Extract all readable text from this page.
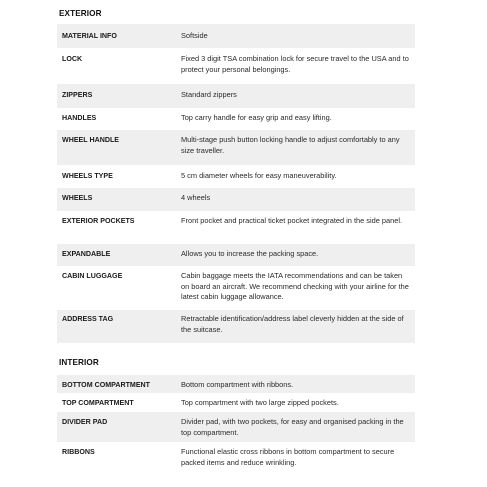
EXTERIOR
MATERIAL INFO	Softside

LOCK	Fixed 3 digit TSA combination lock for secure travel to the USA and to protect your personal belongings.

ZIPPERS	Standard zippers

HANDLES	Top carry handle for easy grip and easy lifting.

WHEEL HANDLE	Multi-stage push button locking handle to adjust comfortably to any size traveller.

WHEELS TYPE	5 cm diameter wheels for easy maneuverability.

WHEELS	4 wheels

EXTERIOR POCKETS	Front pocket and practical ticket pocket integrated in the side panel.

EXPANDABLE	Allows you to increase the packing space.

CABIN LUGGAGE	Cabin baggage meets the IATA recommendations and can be taken on board an aircraft. We recommend checking with your airline for the latest cabin luggage allowance.

ADDRESS TAG	Retractable identification/address label cleverly hidden at the side of the suitcase.
INTERIOR
BOTTOM COMPARTMENT	Bottom compartment with ribbons.

TOP COMPARTMENT	Top compartment with two large zipped pockets.

DIVIDER PAD	Divider pad, with two pockets, for easy and organised packing in the top compartment.

RIBBONS	Functional elastic cross ribbons in bottom compartment to secure packed items and reduce wrinkling.
